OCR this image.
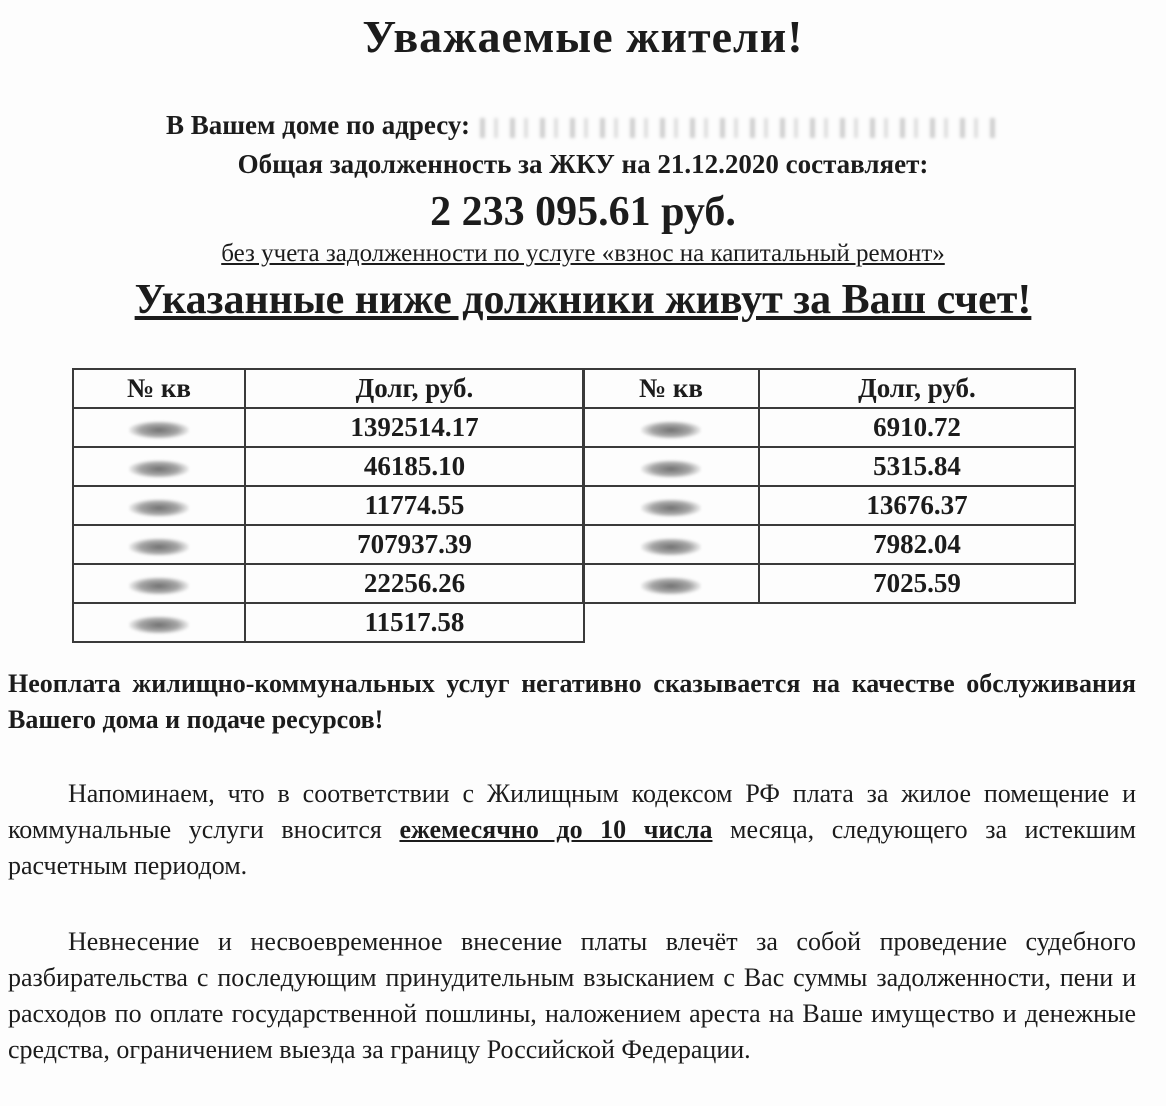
Уважаемые жители!
В Вашем доме по адресу:
Общая задолженность за ЖКУ на 21.12.2020 составляет:
2 233 095.61 руб.
без учета задолженности по услуге «взнос на капитальный ремонт»
Указанные ниже должники живут за Ваш счет!
№ кв	Долг, руб.
	1392514.17
	46185.10
	11774.55
	707937.39
	22256.26
	11517.58
№ кв	Долг, руб.
	6910.72
	5315.84
	13676.37
	7982.04
	7025.59
Неоплата жилищно-коммунальных услуг негативно сказывается на качестве обслуживания Вашего дома и подаче ресурсов!
Напоминаем, что в соответствии с Жилищным кодексом РФ плата за жилое помещение и коммунальные услуги вносится ежемесячно до 10 числа месяца, следующего за истекшим расчетным периодом.
Невнесение и несвоевременное внесение платы влечёт за собой проведение судебного разбирательства с последующим принудительным взысканием с Вас суммы задолженности, пени и расходов по оплате государственной пошлины, наложением ареста на Ваше имущество и денежные средства, ограничением выезда за границу Российской Федерации.
